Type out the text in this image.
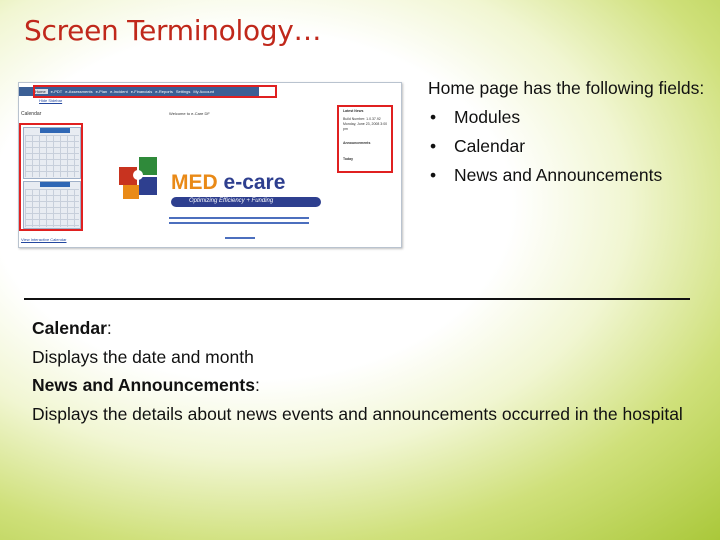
Screen Terminology…
Home	e-PDT e-Assessments e-Plan e-Incident e-Financials e-Reports Settings My Account
Hide Sidebar
Calendar	Welcome to e-Care DF
View Interactive Calendar
Latest News
Build Number: 1.0.37.92
Monday, June 23, 2008 3:00
pm
Announcements
Today
MED e-care
Optimizing Efficiency + Funding
Home page has the following fields:
• Modules
• Calendar
• News and Announcements
Calendar:
Displays the date and month
News and Announcements:
Displays the details about news events and announcements occurred in the hospital
